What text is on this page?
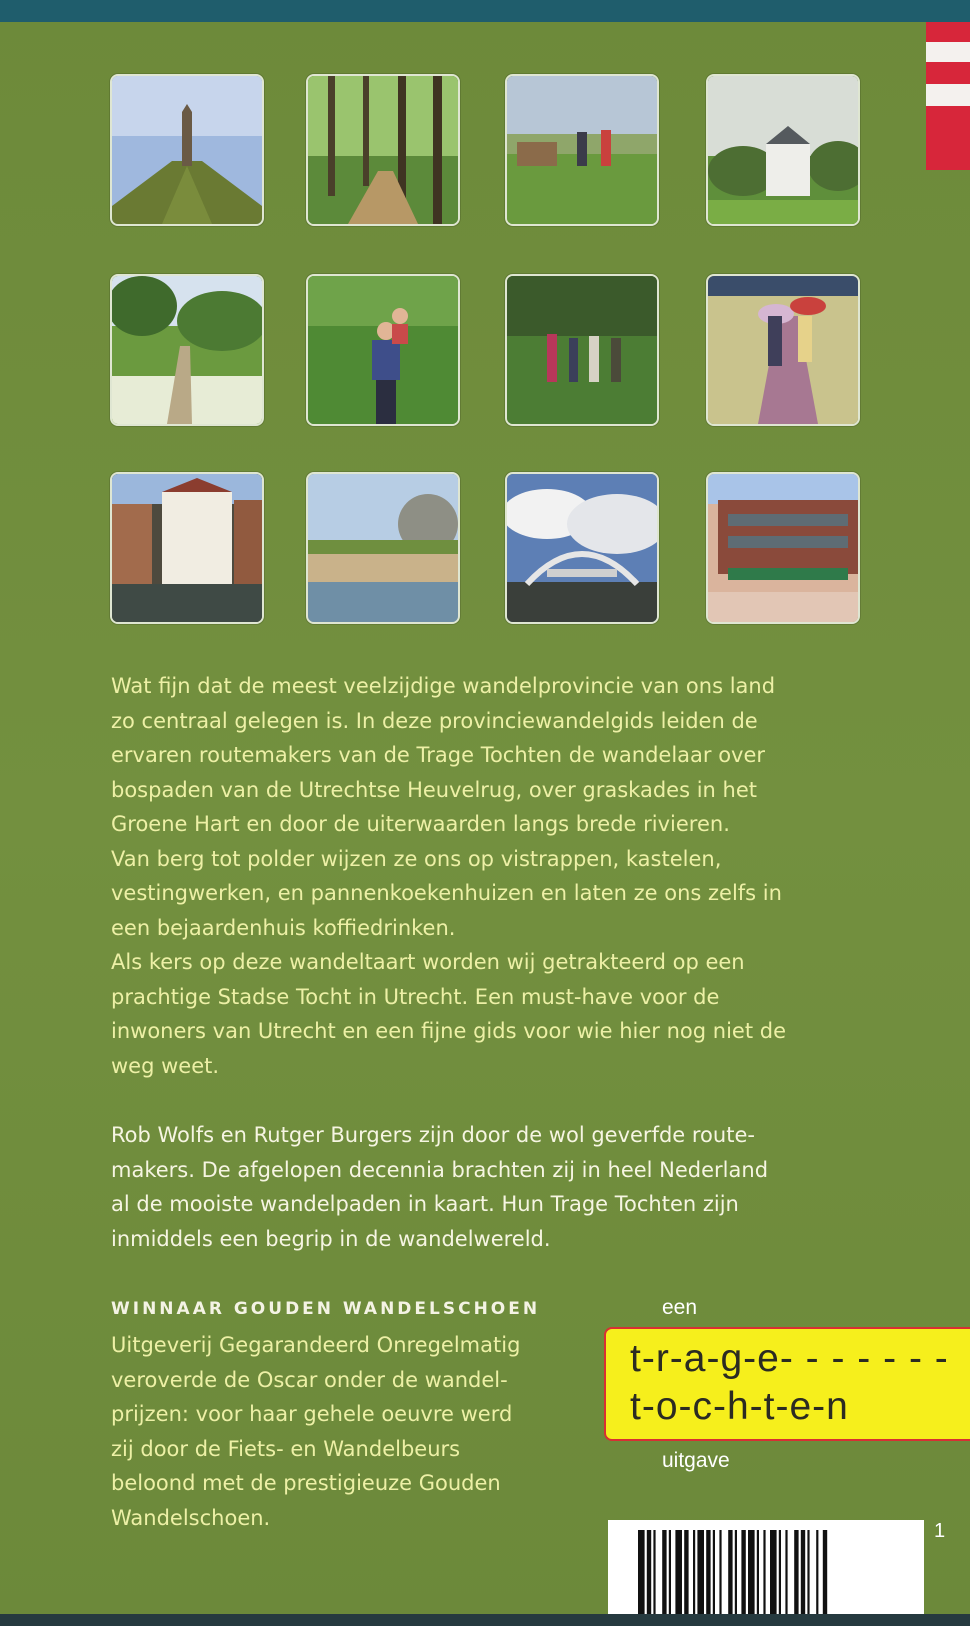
Wat fijn dat de meest veelzijdige wandelprovincie van ons land
zo centraal gelegen is. In deze provinciewandelgids leiden de
ervaren routemakers van de Trage Tochten de wandelaar over
bospaden van de Utrechtse Heuvelrug, over graskades in het
Groene Hart en door de uiterwaarden langs brede rivieren.
Van berg tot polder wijzen ze ons op vistrappen, kastelen,
vestingwerken, en pannenkoekenhuizen en laten ze ons zelfs in
een bejaardenhuis koffiedrinken.
Als kers op deze wandeltaart worden wij getrakteerd op een
prachtige Stadse Tocht in Utrecht. Een must-have voor de
inwoners van Utrecht en een fijne gids voor wie hier nog niet de
weg weet.
Rob Wolfs en Rutger Burgers zijn door de wol geverfde route-
makers. De afgelopen decennia brachten zij in heel Nederland
al de mooiste wandelpaden in kaart. Hun Trage Tochten zijn
inmiddels een begrip in de wandelwereld.
WINNAAR GOUDEN WANDELSCHOEN
Uitgeverij Gegarandeerd Onregelmatig
veroverde de Oscar onder de wandel-
prijzen: voor haar gehele oeuvre werd
zij door de Fiets- en Wandelbeurs
beloond met de prestigieuze Gouden
Wandelschoen.
een
t-r-a-g-e- - - - - - -
t-o-c-h-t-e-n
uitgave
1
